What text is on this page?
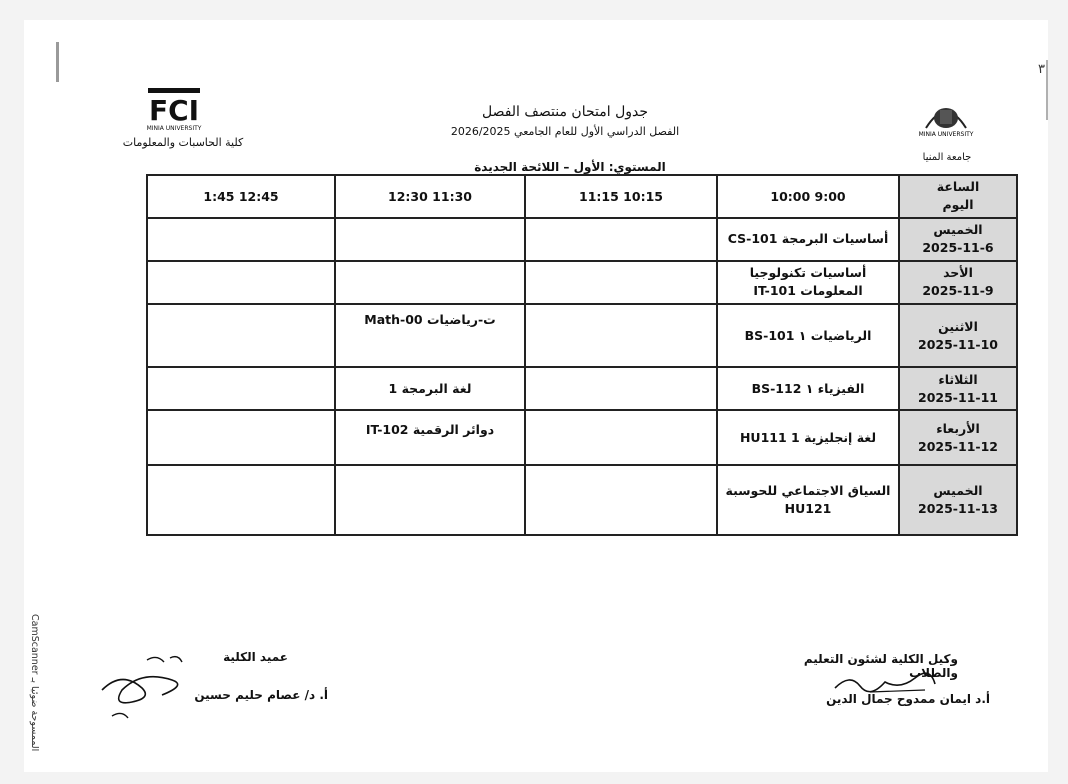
٣
MINIA UNIVERSITY
جامعة المنيا
FCI
MINIA UNIVERSITY
كلية الحاسبات والمعلومات
جدول امتحان منتصف الفصل
الفصل الدراسي الأول للعام الجامعي 2026/2025
المستوي: الأول – اللائحة الجديدة
الساعة
اليوم	10:00 9:00	11:15 10:15	12:30 11:30	1:45 12:45

الخميس
2025-11-6	أساسيات البرمجة CS-101			

الأحد
2025-11-9	أساسيات تكنولوجيا
المعلومات IT-101			

الاثنين
2025-11-10	الرياضيات ١ BS-101		ت-رياضيات Math-00	

الثلاثاء
2025-11-11	الفيزياء ١ BS-112		لغة البرمجة 1	

الأربعاء
2025-11-12	لغة إنجليزية 1 HU111		دوائر الرقمية IT-102	

الخميس
2025-11-13	السياق الاجتماعي للحوسبة
HU121			

وكيل الكلية لشئون التعليم والطلاب
أ.د ايمان ممدوح جمال الدين
عميد الكلية
أ. د/ عصام حليم حسين
CamScanner الممسوحة ضوئيا بـ
